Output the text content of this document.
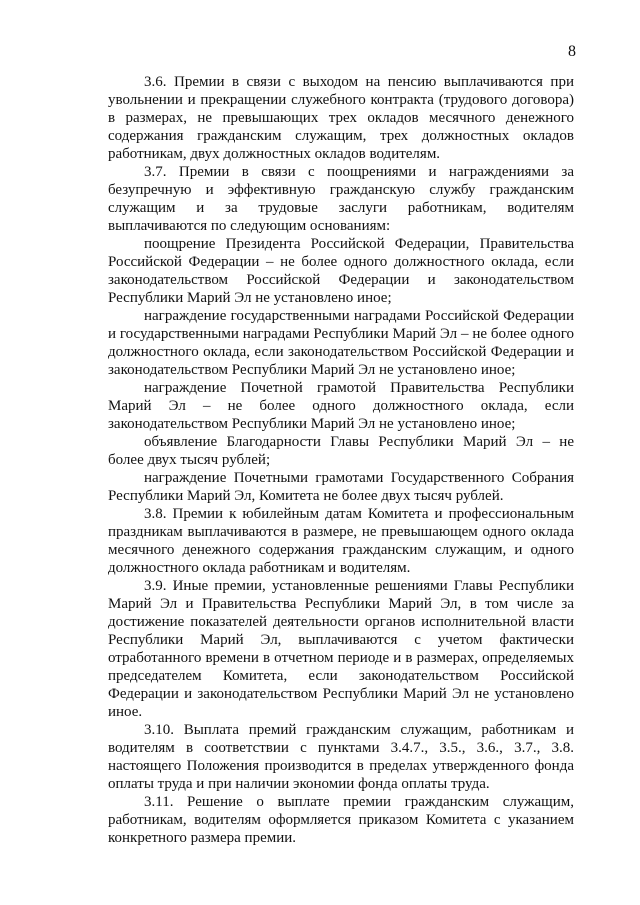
8

3.6. Премии в связи с выходом на пенсию выплачиваются при увольнении и прекращении служебного контракта (трудового договора) в размерах, не превышающих трех окладов месячного денежного содержания гражданским служащим, трех должностных окладов работникам, двух должностных окладов водителям.

3.7. Премии в связи с поощрениями и награждениями за безупречную и эффективную гражданскую службу гражданским служащим и за трудовые заслуги работникам, водителям выплачиваются по следующим основаниям:

поощрение Президента Российской Федерации, Правительства Российской Федерации – не более одного должностного оклада, если законодательством Российской Федерации и законодательством Республики Марий Эл не установлено иное;

награждение государственными наградами Российской Федерации и государственными наградами Республики Марий Эл – не более одного должностного оклада, если законодательством Российской Федерации и законодательством Республики Марий Эл не установлено иное;

награждение Почетной грамотой Правительства Республики Марий Эл – не более одного должностного оклада, если законодательством Республики Марий Эл не установлено иное;

объявление Благодарности Главы Республики Марий Эл – не более двух тысяч рублей;

награждение Почетными грамотами Государственного Собрания Республики Марий Эл, Комитета не более двух тысяч рублей.

3.8. Премии к юбилейным датам Комитета и профессиональным праздникам выплачиваются в размере, не превышающем одного оклада месячного денежного содержания гражданским служащим, и одного должностного оклада работникам и водителям.

3.9. Иные премии, установленные решениями Главы Республики Марий Эл и Правительства Республики Марий Эл, в том числе за достижение показателей деятельности органов исполнительной власти Республики Марий Эл, выплачиваются с учетом фактически отработанного времени в отчетном периоде и в размерах, определяемых председателем Комитета, если законодательством Российской Федерации и законодательством Республики Марий Эл не установлено иное.

3.10. Выплата премий гражданским служащим, работникам и водителям в соответствии с пунктами 3.4.7., 3.5., 3.6., 3.7., 3.8. настоящего Положения производится в пределах утвержденного фонда оплаты труда и при наличии экономии фонда оплаты труда.

3.11. Решение о выплате премии гражданским служащим, работникам, водителям оформляется приказом Комитета с указанием конкретного размера премии.
